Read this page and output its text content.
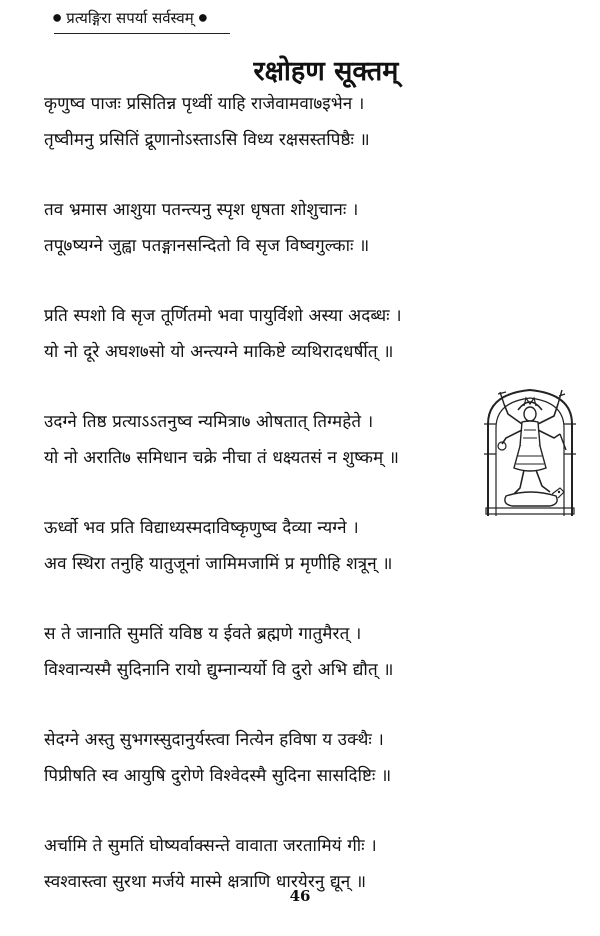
● प्रत्यङ्गिरा सपर्या सर्वस्वम् ●
रक्षोहण सूक्तम्
कृणुष्व पाजः प्रसितिन्न पृथ्वीं याहि राजेवामवा७इभेन ।
तृष्वीमनु प्रसितिं द्रूणानोऽस्ताऽसि विध्य रक्षसस्तपिष्ठैः ॥
तव भ्रमास आशुया पतन्त्यनु स्पृश धृषता शोशुचानः ।
तपू७ष्यग्ने जुह्वा पतङ्गानसन्दितो वि सृज विष्वगुल्काः ॥
प्रति स्पशो वि सृज तूर्णितमो भवा पायुर्विशो अस्या अदब्धः ।
यो नो दूरे अघश७सो यो अन्त्यग्ने माकिष्टे व्यथिरादधर्षीत् ॥
उदग्ने तिष्ठ प्रत्याऽऽतनुष्व न्यमित्रा७ ओषतात् तिग्महेते ।
यो नो अराति७ समिधान चक्रे नीचा तं धक्ष्यतसं न शुष्कम् ॥
ऊर्ध्वो भव प्रति विद्याध्यस्मदाविष्कृणुष्व दैव्या न्यग्ने ।
अव स्थिरा तनुहि यातुजूनां जामिमजामिं प्र मृणीहि शत्रून् ॥
स ते जानाति सुमतिं यविष्ठ य ईवते ब्रह्मणे गातुमैरत् ।
विश्वान्यस्मै सुदिनानि रायो द्युम्नान्यर्यो वि दुरो अभि द्यौत् ॥
सेदग्ने अस्तु सुभगस्सुदानुर्यस्त्वा नित्येन हविषा य उक्थैः ।
पिप्रीषति स्व आयुषि दुरोणे विश्वेदस्मै सुदिना सासदिष्टिः ॥
अर्चामि ते सुमतिं घोष्यर्वाक्सन्ते वावाता जरतामियं गीः ।
स्वश्वास्त्वा सुरथा मर्जये मास्मे क्षत्राणि धारयेरनु द्यून् ॥
46
